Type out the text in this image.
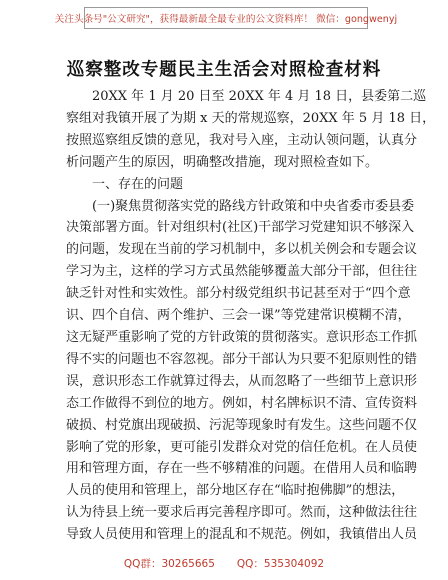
关注头条号"公文研究"，获得最新最全最专业的公文资料库！ 微信：gongwenyj
巡察整改专题民主生活会对照检查材料
20XX 年 1 月 20 日至 20XX 年 4 月 18 日，县委第二巡
察组对我镇开展了为期 x 天的常规巡察，20XX 年 5 月 18 日，
按照巡察组反馈的意见，我对号入座，主动认领问题，认真分
析问题产生的原因，明确整改措施，现对照检查如下。
一、存在的问题
(一)聚焦贯彻落实党的路线方针政策和中央省委市委县委
决策部署方面。针对组织村(社区)干部学习党建知识不够深入
的问题，发现在当前的学习机制中，多以机关例会和专题会议
学习为主，这样的学习方式虽然能够覆盖大部分干部，但往往
缺乏针对性和实效性。部分村级党组织书记甚至对于“四个意
识、四个自信、两个维护、三会一课”等党建常识模糊不清，
这无疑严重影响了党的方针政策的贯彻落实。意识形态工作抓
得不实的问题也不容忽视。部分干部认为只要不犯原则性的错
误，意识形态工作就算过得去，从而忽略了一些细节上意识形
态工作做得不到位的地方。例如，村名牌标识不清、宣传资料
破损、村党旗出现破损、污泥等现象时有发生。这些问题不仅
影响了党的形象，更可能引发群众对党的信任危机。在人员使
用和管理方面，存在一些不够精准的问题。在借用人员和临聘
人员的使用和管理上，部分地区存在“临时抱佛脚”的想法，
认为待县上统一要求后再完善程序即可。然而，这种做法往往
导致人员使用和管理上的混乱和不规范。例如，我镇借出人员
QQ群：30265665 QQ：535304092
